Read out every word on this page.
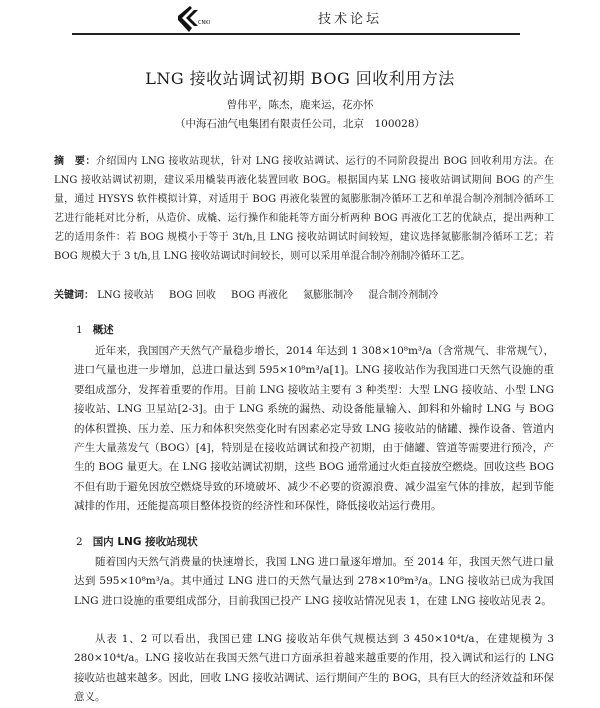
CNKI	技术论坛
LNG 接收站调试初期 BOG 回收利用方法
曾伟平，陈杰，鹿来运，花亦怀
（中海石油气电集团有限责任公司，北京　100028）
摘　要：介绍国内 LNG 接收站现状，针对 LNG 接收站调试、运行的不同阶段提出 BOG 回收利用方法。在 LNG 接收站调试初期，建议采用橇装再液化装置回收 BOG。根据国内某 LNG 接收站调试期间 BOG 的产生量，通过 HYSYS 软件模拟计算，对适用于 BOG 再液化装置的氮膨胀制冷循环工艺和单混合制冷剂制冷循环工艺进行能耗对比分析，从造价、成橇、运行操作和能耗等方面分析两种 BOG 再液化工艺的优缺点，提出两种工艺的适用条件：若 BOG 规模小于等于 3t/h,且 LNG 接收站调试时间较短，建议选择氮膨胀制冷循环工艺；若 BOG 规模大于 3 t/h,且 LNG 接收站调试时间较长，则可以采用单混合制冷剂制冷循环工艺。
关键词： LNG 接收站 BOG 回收 BOG 再液化 氮膨胀制冷 混合制冷剂制冷
1 概述
近年来，我国国产天然气产量稳步增长，2014 年达到 1 308×10⁸m³/a（含常规气、非常规气），进口气量也进一步增加，总进口量达到 595×10⁸m³/a[1]。LNG 接收站作为我国进口天然气设施的重要组成部分，发挥着重要的作用。目前 LNG 接收站主要有 3 种类型：大型 LNG 接收站、小型 LNG 接收站、LNG 卫星站[2-3]。由于 LNG 系统的漏热、动设备能量输入、卸料和外输时 LNG 与 BOG 的体积置换、压力差、压力和体积突然变化时有因素必定导致 LNG 接收站的储罐、操作设备、管道内产生大量蒸发气（BOG）[4]，特别是在接收站调试和投产初期，由于储罐、管道等需要进行预冷，产生的 BOG 量更大。在 LNG 接收站调试初期，这些 BOG 通常通过火炬直接放空燃烧。回收这些 BOG 不但有助于避免因放空燃烧导致的环境破坏、减少不必要的资源浪费、减少温室气体的排放，起到节能减排的作用，还能提高项目整体投资的经济性和环保性，降低接收站运行费用。
2 国内 LNG 接收站现状
随着国内天然气消费量的快速增长，我国 LNG 进口量逐年增加。至 2014 年，我国天然气进口量达到 595×10⁸m³/a。其中通过 LNG 进口的天然气量达到 278×10⁸m³/a。LNG 接收站已成为我国 LNG 进口设施的重要组成部分，目前我国已投产 LNG 接收站情况见表 1，在建 LNG 接收站见表 2。
从表 1、2 可以看出，我国已建 LNG 接收站年供气规模达到 3 450×10⁴t/a，在建规模为 3 280×10⁴t/a。LNG 接收站在我国天然气进口方面承担着越来越重要的作用，投入调试和运行的 LNG 接收站也越来越多。因此，回收 LNG 接收站调试、运行期间产生的 BOG，具有巨大的经济效益和环保意义。
